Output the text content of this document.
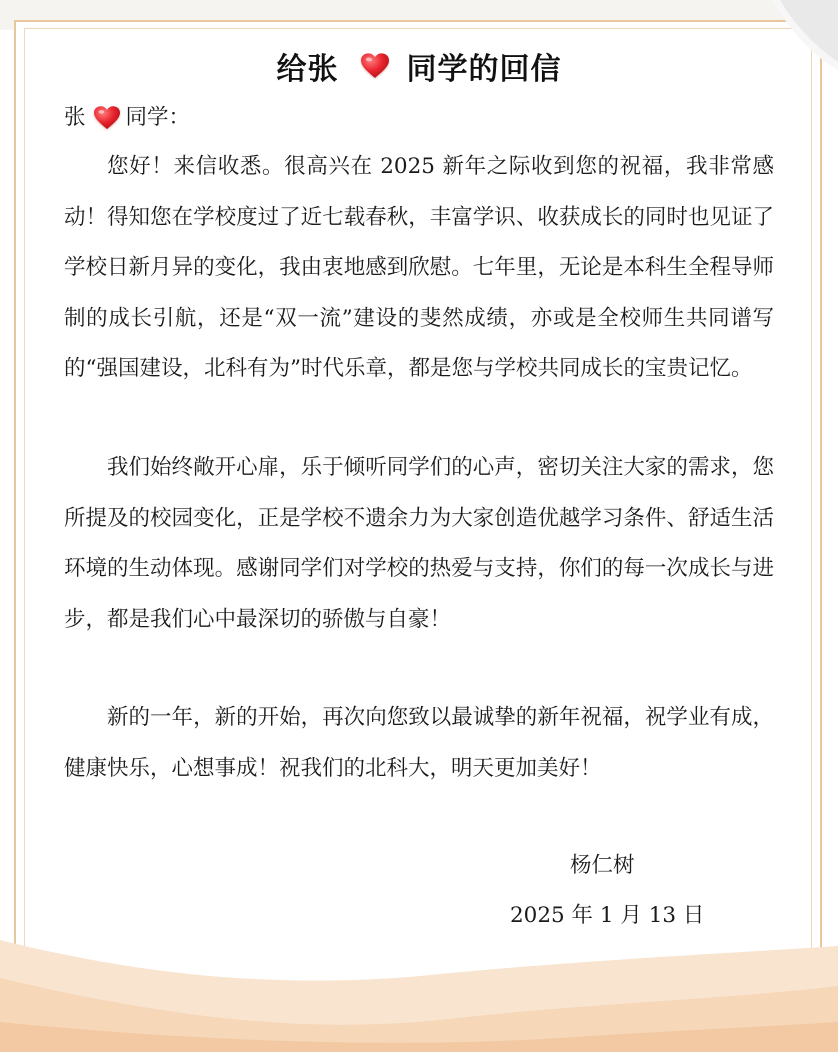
给张 同学的回信
张 同学：

您好！来信收悉。很高兴在 2025 新年之际收到您的祝福，我非常感动！得知您在学校度过了近七载春秋，丰富学识、收获成长的同时也见证了学校日新月异的变化，我由衷地感到欣慰。七年里，无论是本科生全程导师制的成长引航，还是“双一流”建设的斐然成绩，亦或是全校师生共同谱写的“强国建设，北科有为”时代乐章，都是您与学校共同成长的宝贵记忆。

我们始终敞开心扉，乐于倾听同学们的心声，密切关注大家的需求，您所提及的校园变化，正是学校不遗余力为大家创造优越学习条件、舒适生活环境的生动体现。感谢同学们对学校的热爱与支持，你们的每一次成长与进步，都是我们心中最深切的骄傲与自豪！

新的一年，新的开始，再次向您致以最诚挚的新年祝福，祝学业有成，健康快乐，心想事成！祝我们的北科大，明天更加美好！

杨仁树
2025 年 1 月 13 日
